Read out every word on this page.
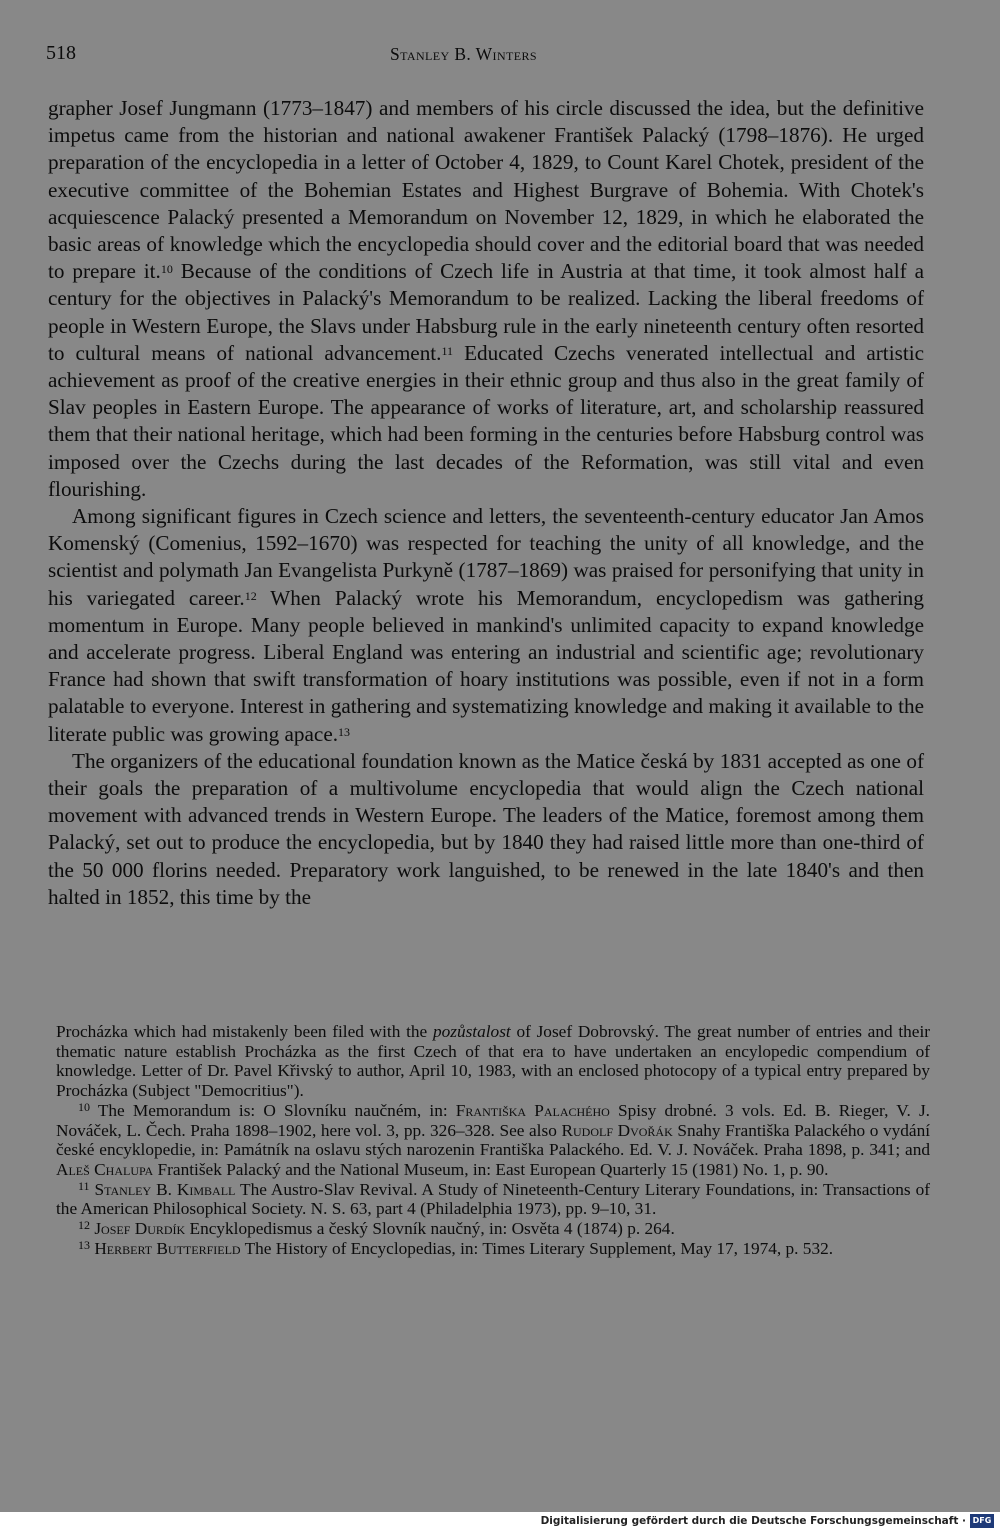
518	Stanley B. Winters

grapher Josef Jungmann (1773–1847) and members of his circle discussed the idea, but the definitive impetus came from the historian and national awakener František Palacký (1798–1876). He urged preparation of the encyclopedia in a letter of October 4, 1829, to Count Karel Chotek, president of the executive committee of the Bohemian Estates and Highest Burgrave of Bohemia. With Chotek's acquiescence Palacký presented a Memorandum on November 12, 1829, in which he elaborated the basic areas of knowledge which the encyclopedia should cover and the editorial board that was needed to prepare it.$^{10}$ Because of the conditions of Czech life in Austria at that time, it took almost half a century for the objectives in Palacký's Memorandum to be realized. Lacking the liberal freedoms of people in Western Europe, the Slavs under Habsburg rule in the early nineteenth century often resorted to cultural means of national advancement.$^{11}$ Educated Czechs venerated intellectual and artistic achievement as proof of the creative energies in their ethnic group and thus also in the great family of Slav peoples in Eastern Europe. The appearance of works of literature, art, and scholarship reassured them that their national heritage, which had been forming in the centuries before Habsburg control was imposed over the Czechs during the last decades of the Reformation, was still vital and even flourishing.

Among significant figures in Czech science and letters, the seventeenth-century educator Jan Amos Komenský (Comenius, 1592–1670) was respected for teaching the unity of all knowledge, and the scientist and polymath Jan Evangelista Purkyně (1787–1869) was praised for personifying that unity in his variegated career.$^{12}$ When Palacký wrote his Memorandum, encyclopedism was gathering momentum in Europe. Many people believed in mankind's unlimited capacity to expand knowledge and accelerate progress. Liberal England was entering an industrial and scientific age; revolutionary France had shown that swift transformation of hoary institutions was possible, even if not in a form palatable to everyone. Interest in gathering and systematizing knowledge and making it available to the literate public was growing apace.$^{13}$

The organizers of the educational foundation known as the Matice česká by 1831 accepted as one of their goals the preparation of a multivolume encyclopedia that would align the Czech national movement with advanced trends in Western Europe. The leaders of the Matice, foremost among them Palacký, set out to produce the encyclopedia, but by 1840 they had raised little more than one-third of the 50 000 florins needed. Preparatory work languished, to be renewed in the late 1840's and then halted in 1852, this time by the

Procházka which had mistakenly been filed with the pozůstalost of Josef Dobrovský. The great number of entries and their thematic nature establish Procházka as the first Czech of that era to have undertaken an encylopedic compendium of knowledge. Letter of Dr. Pavel Křivský to author, April 10, 1983, with an enclosed photocopy of a typical entry prepared by Procházka (Subject "Democritius").

$^{10}$ The Memorandum is: O Slovníku naučném, in: Františka Palachého Spisy drobné. 3 vols. Ed. B. Rieger, V. J. Nováček, L. Čech. Praha 1898–1902, here vol. 3, pp. 326–328. See also Rudolf Dvořák Snahy Františka Palackého o vydání české encyklopedie, in: Památník na oslavu stých narozenin Františka Palackého. Ed. V. J. Nováček. Praha 1898, p. 341; and Aleš Chalupa František Palacký and the National Museum, in: East European Quarterly 15 (1981) No. 1, p. 90.

$^{11}$ Stanley B. Kimball The Austro-Slav Revival. A Study of Nineteenth-Century Literary Foundations, in: Transactions of the American Philosophical Society. N. S. 63, part 4 (Philadelphia 1973), pp. 9–10, 31.

$^{12}$ Josef Durdík Encyklopedismus a český Slovník naučný, in: Osvěta 4 (1874) p. 264.

$^{13}$ Herbert Butterfield The History of Encyclopedias, in: Times Literary Supplement, May 17, 1974, p. 532.

Digitalisierung gefördert durch die Deutsche Forschungsgemeinschaft · DFG
